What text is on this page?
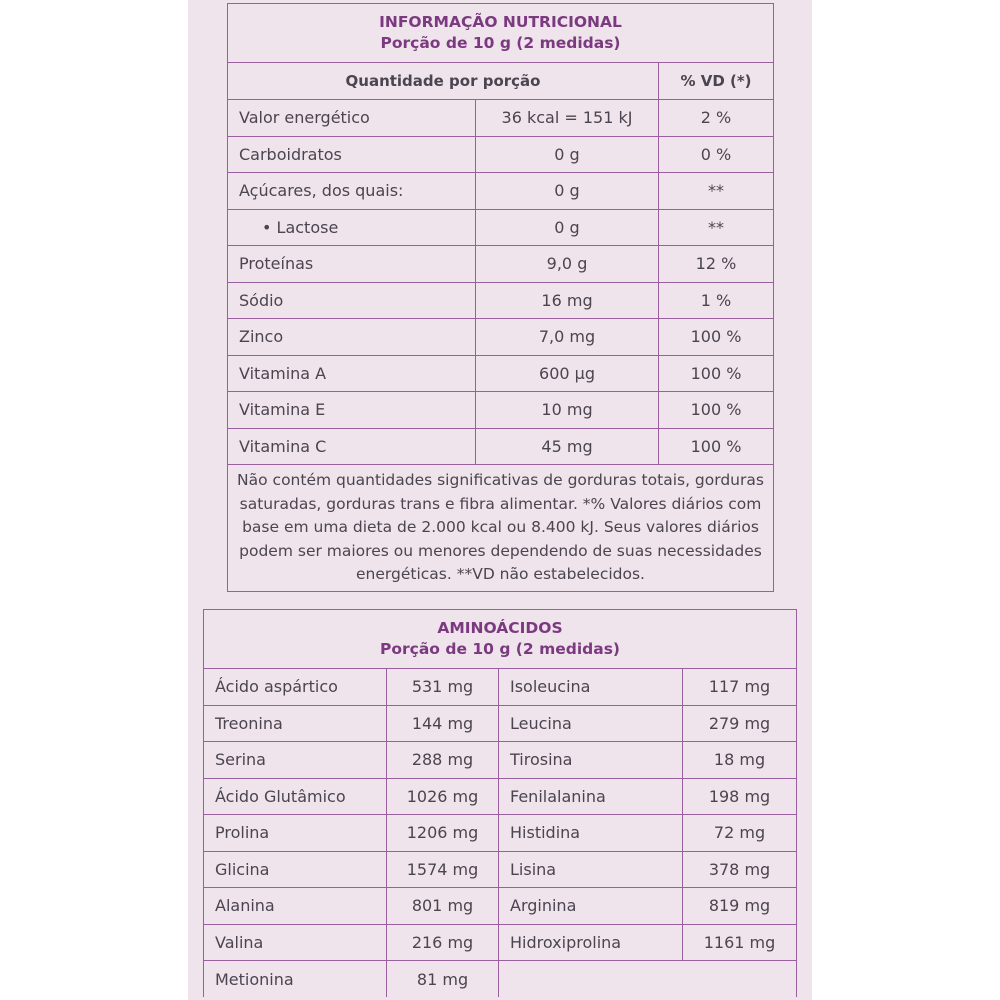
INFORMAÇÃO NUTRICIONAL
Porção de 10 g (2 medidas)		

Quantidade por porção		% VD (*)
Valor energético	36 kcal = 151 kJ	2 %
Carboidratos	0 g	0 %
Açúcares, dos quais:	0 g	**
• Lactose	0 g	**
Proteínas	9,0 g	12 %
Sódio	16 mg	1 %
Zinco	7,0 mg	100 %
Vitamina A	600 µg	100 %
Vitamina E	10 mg	100 %
Vitamina C	45 mg	100 %
Não contém quantidades significativas de gorduras totais, gorduras saturadas, gorduras trans e fibra alimentar. *% Valores diários com base em uma dieta de 2.000 kcal ou 8.400 kJ. Seus valores diários podem ser maiores ou menores dependendo de suas necessidades energéticas. **VD não estabelecidos.		
AMINOÁCIDOS
Porção de 10 g (2 medidas)			

Ácido aspártico	531 mg	Isoleucina	117 mg
Treonina	144 mg	Leucina	279 mg
Serina	288 mg	Tirosina	18 mg
Ácido Glutâmico	1026 mg	Fenilalanina	198 mg
Prolina	1206 mg	Histidina	72 mg
Glicina	1574 mg	Lisina	378 mg
Alanina	801 mg	Arginina	819 mg
Valina	216 mg	Hidroxiprolina	1161 mg
Metionina	81 mg		
